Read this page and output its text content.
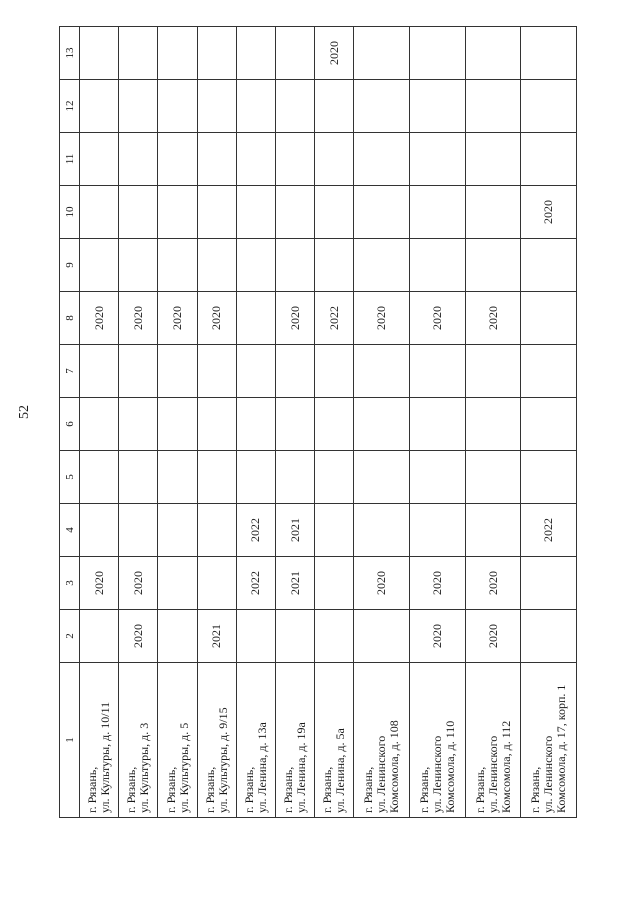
52
1	2	3	4	5	6	7	8	9	10	11	12	13

г. Рязань, ул. Культуры, д. 10/11		2020					2020					

г. Рязань, ул. Культуры, д. 3	2020	2020					2020					

г. Рязань, ул. Культуры, д. 5							2020					

г. Рязань, ул. Культуры, д. 9/15	2021						2020					

г. Рязань, ул. Ленина, д. 13а		2022	2022									

г. Рязань, ул. Ленина, д. 19а		2021	2021				2020					

г. Рязань, ул. Ленина, д. 5а							2022					2020

г. Рязань, ул. Ленинского Комсомола, д. 108		2020					2020					

г. Рязань, ул. Ленинского Комсомола, д. 110	2020	2020					2020					

г. Рязань, ул. Ленинского Комсомола, д. 112	2020	2020					2020					

г. Рязань, ул. Ленинского Комсомола, д. 17, корп. 1			2022						2020			
